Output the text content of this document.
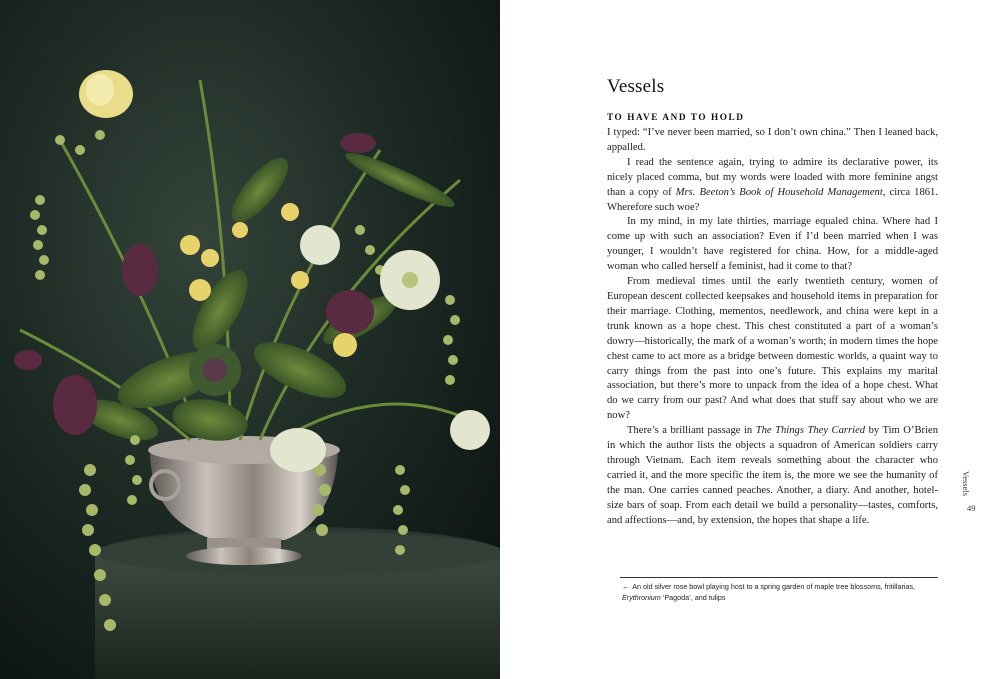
Vessels
TO HAVE AND TO HOLD

I typed: “I’ve never been married, so I don’t own china.” Then I leaned back, appalled.

I read the sentence again, trying to admire its declarative power, its nicely placed comma, but my words were loaded with more feminine angst than a copy of Mrs. Beeton’s Book of Household Management, circa 1861. Wherefore such woe?

In my mind, in my late thirties, marriage equaled china. Where had I come up with such an association? Even if I’d been married when I was younger, I wouldn’t have registered for china. How, for a middle-aged woman who called herself a feminist, had it come to that?

From medieval times until the early twentieth century, women of European descent collected keepsakes and household items in preparation for their marriage. Clothing, mementos, needlework, and china were kept in a trunk known as a hope chest. This chest constituted a part of a woman’s dowry—historically, the mark of a woman’s worth; in modern times the hope chest came to act more as a bridge between domestic worlds, a quaint way to carry things from the past into one’s future. This explains my marital association, but there’s more to unpack from the idea of a hope chest. What do we carry from our past? And what does that stuff say about who we are now?

There’s a brilliant passage in The Things They Carried by Tim O’Brien in which the author lists the objects a squadron of American soldiers carry through Vietnam. Each item reveals something about the character who carried it, and the more specific the item is, the more we see the humanity of the man. One carries canned peaches. Another, a diary. And another, hotel-size bars of soap. From each detail we build a personality—tastes, comforts, and affections—and, by extension, the hopes that shape a life.

Vessels
49
← An old silver rose bowl playing host to a spring garden of maple tree blossoms, fritillarias, Erythronium ‘Pagoda’, and tulips
